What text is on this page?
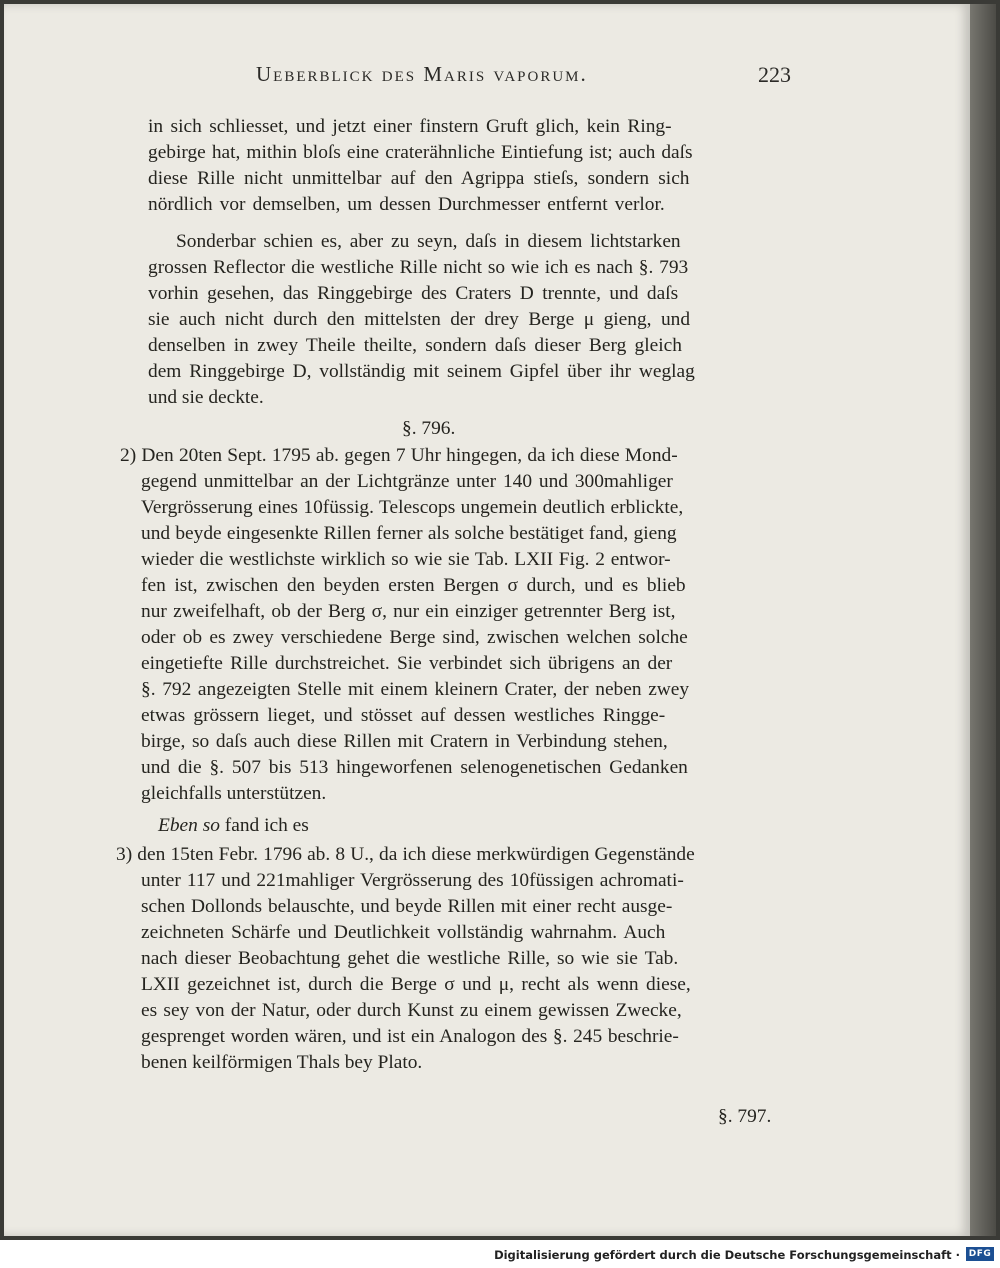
Ueberblick des Maris vaporum.	223
in sich schliesset, und jetzt einer finstern Gruft glich, kein Ring-
gebirge hat, mithin bloſs eine craterähnliche Eintiefung ist; auch daſs
diese Rille nicht unmittelbar auf den Agrippa stieſs, sondern sich
nördlich vor demselben, um dessen Durchmesser entfernt verlor.
Sonderbar schien es, aber zu seyn, daſs in diesem lichtstarken
grossen Reflector die westliche Rille nicht so wie ich es nach §. 793
vorhin gesehen, das Ringgebirge des Craters D trennte, und daſs
sie auch nicht durch den mittelsten der drey Berge μ gieng, und
denselben in zwey Theile theilte, sondern daſs dieser Berg gleich
dem Ringgebirge D, vollständig mit seinem Gipfel über ihr weglag
und sie deckte.
§. 796.
2) Den 20ten Sept. 1795 ab. gegen 7 Uhr hingegen, da ich diese Mond-
gegend unmittelbar an der Lichtgränze unter 140 und 300mahliger
Vergrösserung eines 10füssig. Telescops ungemein deutlich erblickte,
und beyde eingesenkte Rillen ferner als solche bestätiget fand, gieng
wieder die westlichste wirklich so wie sie Tab. LXII Fig. 2 entwor-
fen ist, zwischen den beyden ersten Bergen σ durch, und es blieb
nur zweifelhaft, ob der Berg σ, nur ein einziger getrennter Berg ist,
oder ob es zwey verschiedene Berge sind, zwischen welchen solche
eingetiefte Rille durchstreichet. Sie verbindet sich übrigens an der
§. 792 angezeigten Stelle mit einem kleinern Crater, der neben zwey
etwas grössern lieget, und stösset auf dessen westliches Ringge-
birge, so daſs auch diese Rillen mit Cratern in Verbindung stehen,
und die §. 507 bis 513 hingeworfenen selenogenetischen Gedanken
gleichfalls unterstützen.
Eben so fand ich es
3) den 15ten Febr. 1796 ab. 8 U., da ich diese merkwürdigen Gegenstände
unter 117 und 221mahliger Vergrösserung des 10füssigen achromati-
schen Dollonds belauschte, und beyde Rillen mit einer recht ausge-
zeichneten Schärfe und Deutlichkeit vollständig wahrnahm. Auch
nach dieser Beobachtung gehet die westliche Rille, so wie sie Tab.
LXII gezeichnet ist, durch die Berge σ und μ, recht als wenn diese,
es sey von der Natur, oder durch Kunst zu einem gewissen Zwecke,
gesprenget worden wären, und ist ein Analogon des §. 245 beschrie-
benen keilförmigen Thals bey Plato.
§. 797.
Digitalisierung gefördert durch die Deutsche Forschungsgemeinschaft · DFG
